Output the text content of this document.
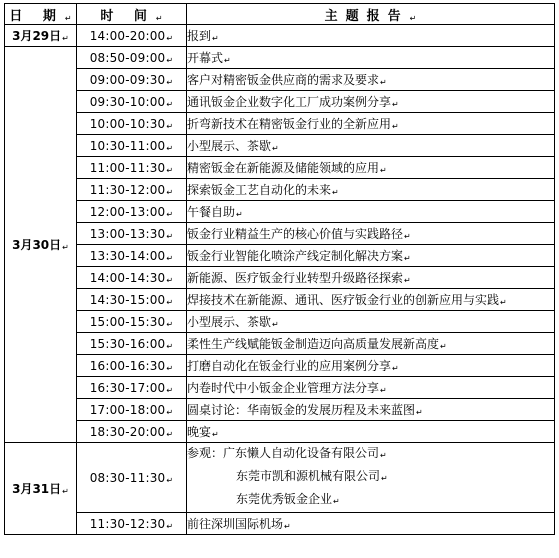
日 期↵	时 间↵	主题报告↵
3月29日↵	14:00-20:00↵	报到↵
3月30日↵	08:50-09:00↵	开幕式↵
	09:00-09:30↵	客户对精密钣金供应商的需求及要求↵
	09:30-10:00↵	通讯钣金企业数字化工厂成功案例分享↵
	10:00-10:30↵	折弯新技术在精密钣金行业的全新应用↵
	10:30-11:00↵	小型展示、茶歇↵
	11:00-11:30↵	精密钣金在新能源及储能领域的应用↵
	11:30-12:00↵	探索钣金工艺自动化的未来↵
	12:00-13:00↵	午餐自助↵
	13:00-13:30↵	钣金行业精益生产的核心价值与实践路径↵
	13:30-14:00↵	钣金行业智能化喷涂产线定制化解决方案↵
	14:00-14:30↵	新能源、医疗钣金行业转型升级路径探索↵
	14:30-15:00↵	焊接技术在新能源、通讯、医疗钣金行业的创新应用与实践↵
	15:00-15:30↵	小型展示、茶歇↵
	15:30-16:00↵	柔性生产线赋能钣金制造迈向高质量发展新高度↵
	16:00-16:30↵	打磨自动化在钣金行业的应用案例分享↵
	16:30-17:00↵	内卷时代中小钣金企业管理方法分享↵
	17:00-18:00↵	圆桌讨论：华南钣金的发展历程及未来蓝图↵
	18:30-20:00↵	晚宴↵
3月31日↵	08:30-11:30↵	参观：广东懒人自动化设备有限公司↵
东莞市凯和源机械有限公司↵
东莞优秀钣金企业↵

	11:30-12:30↵	前往深圳国际机场↵
